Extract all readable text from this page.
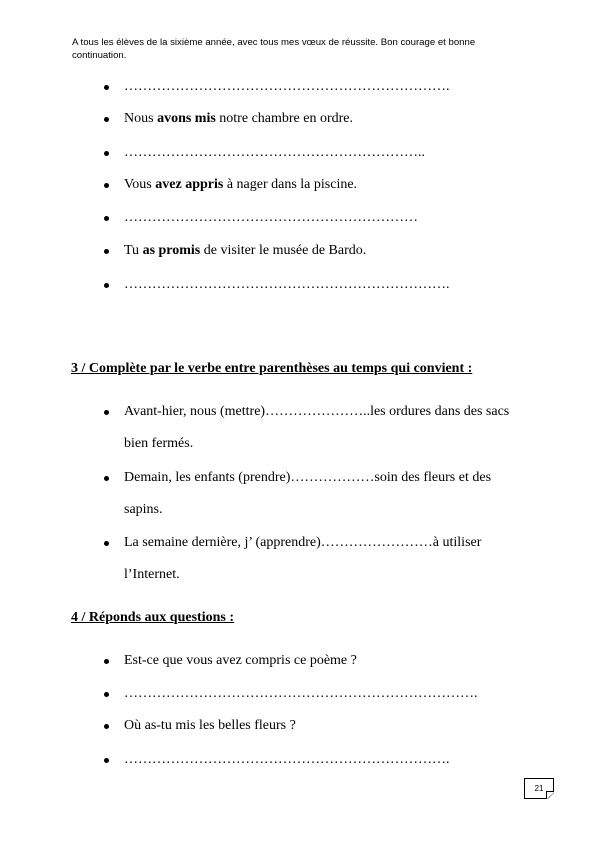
A tous les élèves de la sixième année, avec tous mes vœux de réussite. Bon courage et bonne continuation.
…………………………………………………………….
Nous avons mis notre chambre en ordre.
………………………………………………………..
Vous avez appris à nager dans la piscine.
………………………………………………………
Tu as promis de visiter le musée de Bardo.
…………………………………………………………….
3 / Complète par le verbe entre parenthèses au temps qui convient :
Avant-hier, nous (mettre)…………………..les ordures dans des sacs
bien fermés.
Demain, les enfants (prendre)………………soin des fleurs et des
sapins.
La semaine dernière, j’ (apprendre)……………………à utiliser
l’Internet.
4 / Réponds aux questions :
Est-ce que vous avez compris ce poème ?
………………………………………………………………….
Où as-tu mis les belles fleurs ?
…………………………………………………………….
21
